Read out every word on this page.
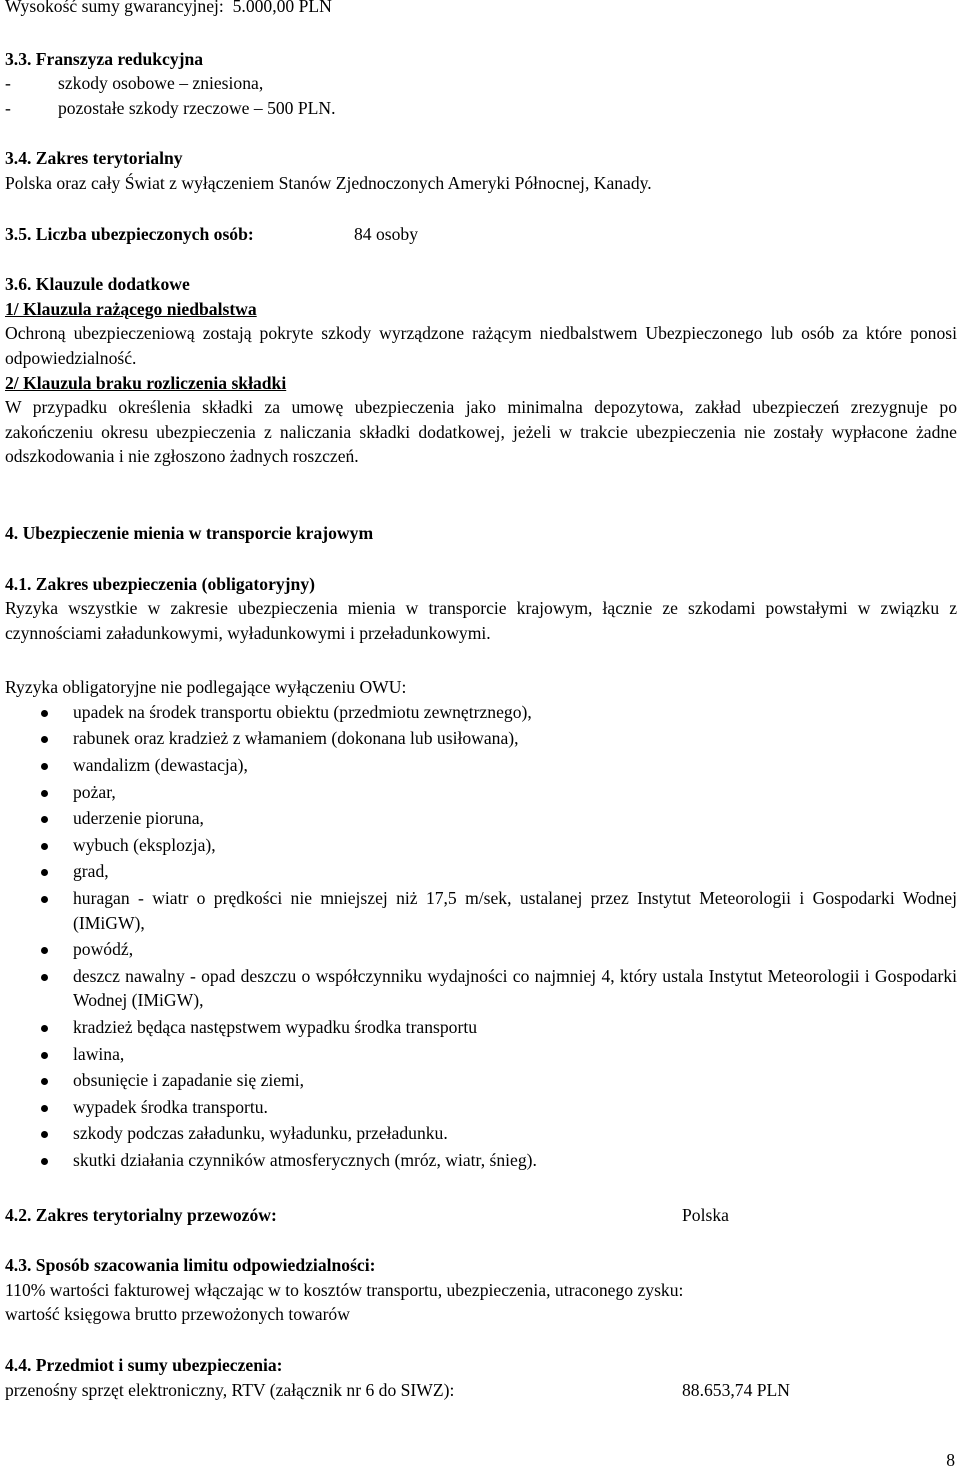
Wysokość sumy gwarancyjnej: 5.000,00 PLN

3.3. Franszyza redukcyjna

-	szkody osobowe – zniesiona,
-	pozostałe szkody rzeczowe – 500 PLN.

3.4. Zakres terytorialny

Polska oraz cały Świat z wyłączeniem Stanów Zjednoczonych Ameryki Północnej, Kanady.

3.5. Liczba ubezpieczonych osób:	84 osoby

3.6. Klauzule dodatkowe

1/ Klauzula rażącego niedbalstwa

Ochroną ubezpieczeniową zostają pokryte szkody wyrządzone rażącym niedbalstwem Ubezpieczonego lub osób za które ponosi odpowiedzialność.

2/ Klauzula braku rozliczenia składki

W przypadku określenia składki za umowę ubezpieczenia jako minimalna depozytowa, zakład ubezpieczeń zrezygnuje po zakończeniu okresu ubezpieczenia z naliczania składki dodatkowej, jeżeli w trakcie ubezpieczenia nie zostały wypłacone żadne odszkodowania i nie zgłoszono żadnych roszczeń.

4. Ubezpieczenie mienia w transporcie krajowym

4.1. Zakres ubezpieczenia (obligatoryjny)

Ryzyka wszystkie w zakresie ubezpieczenia mienia w transporcie krajowym, łącznie ze szkodami powstałymi w związku z czynnościami załadunkowymi, wyładunkowymi i przeładunkowymi.

Ryzyka obligatoryjne nie podlegające wyłączeniu OWU:

upadek na środek transportu obiektu (przedmiotu zewnętrznego),
rabunek oraz kradzież z włamaniem (dokonana lub usiłowana),
wandalizm (dewastacja),
pożar,
uderzenie pioruna,
wybuch (eksplozja),
grad,
huragan - wiatr o prędkości nie mniejszej niż 17,5 m/sek, ustalanej przez Instytut Meteorologii i Gospodarki Wodnej (IMiGW),
powódź,
deszcz nawalny - opad deszczu o współczynniku wydajności co najmniej 4, który ustala Instytut Meteorologii i Gospodarki Wodnej (IMiGW),
kradzież będąca następstwem wypadku środka transportu
lawina,
obsunięcie i zapadanie się ziemi,
wypadek środka transportu.
szkody podczas załadunku, wyładunku, przeładunku.
skutki działania czynników atmosferycznych (mróz, wiatr, śnieg).

4.2. Zakres terytorialny przewozów:	Polska

4.3. Sposób szacowania limitu odpowiedzialności:

110% wartości fakturowej włączając w to kosztów transportu, ubezpieczenia, utraconego zysku:

wartość księgowa brutto przewożonych towarów

4.4. Przedmiot i sumy ubezpieczenia:

przenośny sprzęt elektroniczny, RTV (załącznik nr 6 do SIWZ):	88.653,74 PLN

8
